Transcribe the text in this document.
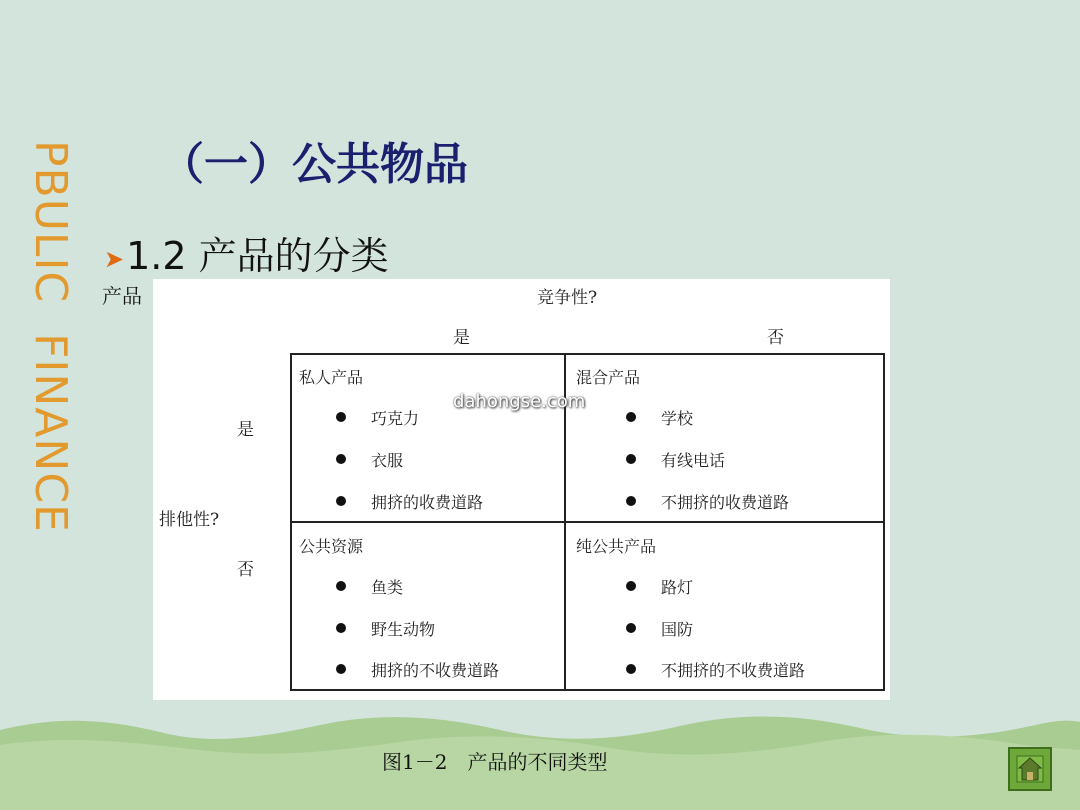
PBULIC  FINANCE （一）公共物品
➤1.2 产品的分类
产品	竞争性?
是	否
排他性?
是
否
私人产品
巧克力
衣服
拥挤的收费道路
混合产品
学校
有线电话
不拥挤的收费道路
公共资源
鱼类
野生动物
拥挤的不收费道路
纯公共产品
路灯
国防
不拥挤的不收费道路
dahongse.com
图1－2　产品的不同类型
